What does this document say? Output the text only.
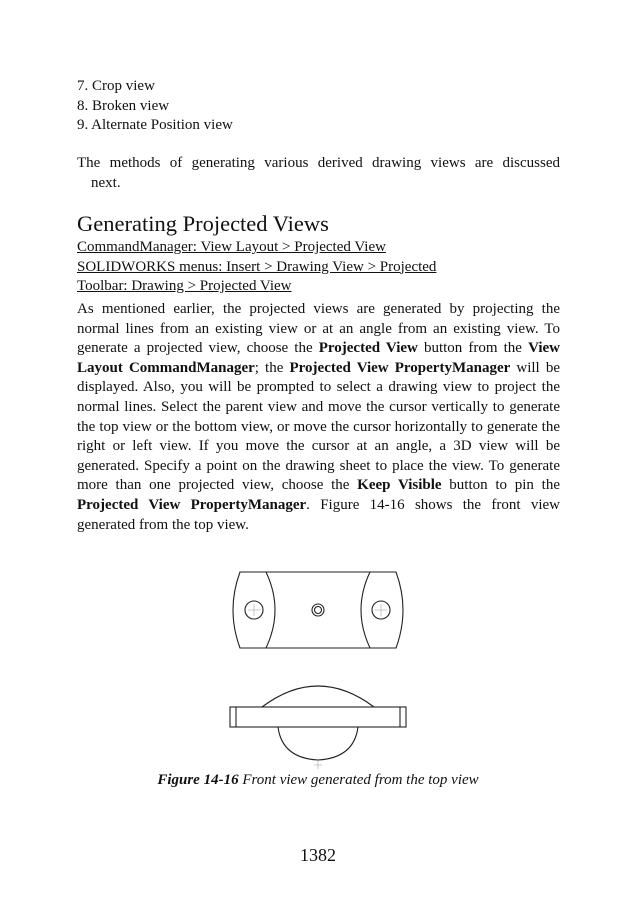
7. Crop view
8. Broken view
9. Alternate Position view
The methods of generating various derived drawing views are discussed
next.
Generating Projected Views
CommandManager: View Layout > Projected View
SOLIDWORKS menus: Insert > Drawing View > Projected
Toolbar: Drawing > Projected View
As mentioned earlier, the projected views are generated by projecting the normal lines from an existing view or at an angle from an existing view. To generate a projected view, choose the Projected View button from the View Layout CommandManager; the Projected View PropertyManager will be displayed. Also, you will be prompted to select a drawing view to project the normal lines. Select the parent view and move the cursor vertically to generate the top view or the bottom view, or move the cursor horizontally to generate the right or left view. If you move the cursor at an angle, a 3D view will be generated. Specify a point on the drawing sheet to place the view. To generate more than one projected view, choose the Keep Visible button to pin the Projected View PropertyManager. Figure 14-16 shows the front view generated from the top view.
Figure 14-16 Front view generated from the top view
1382
